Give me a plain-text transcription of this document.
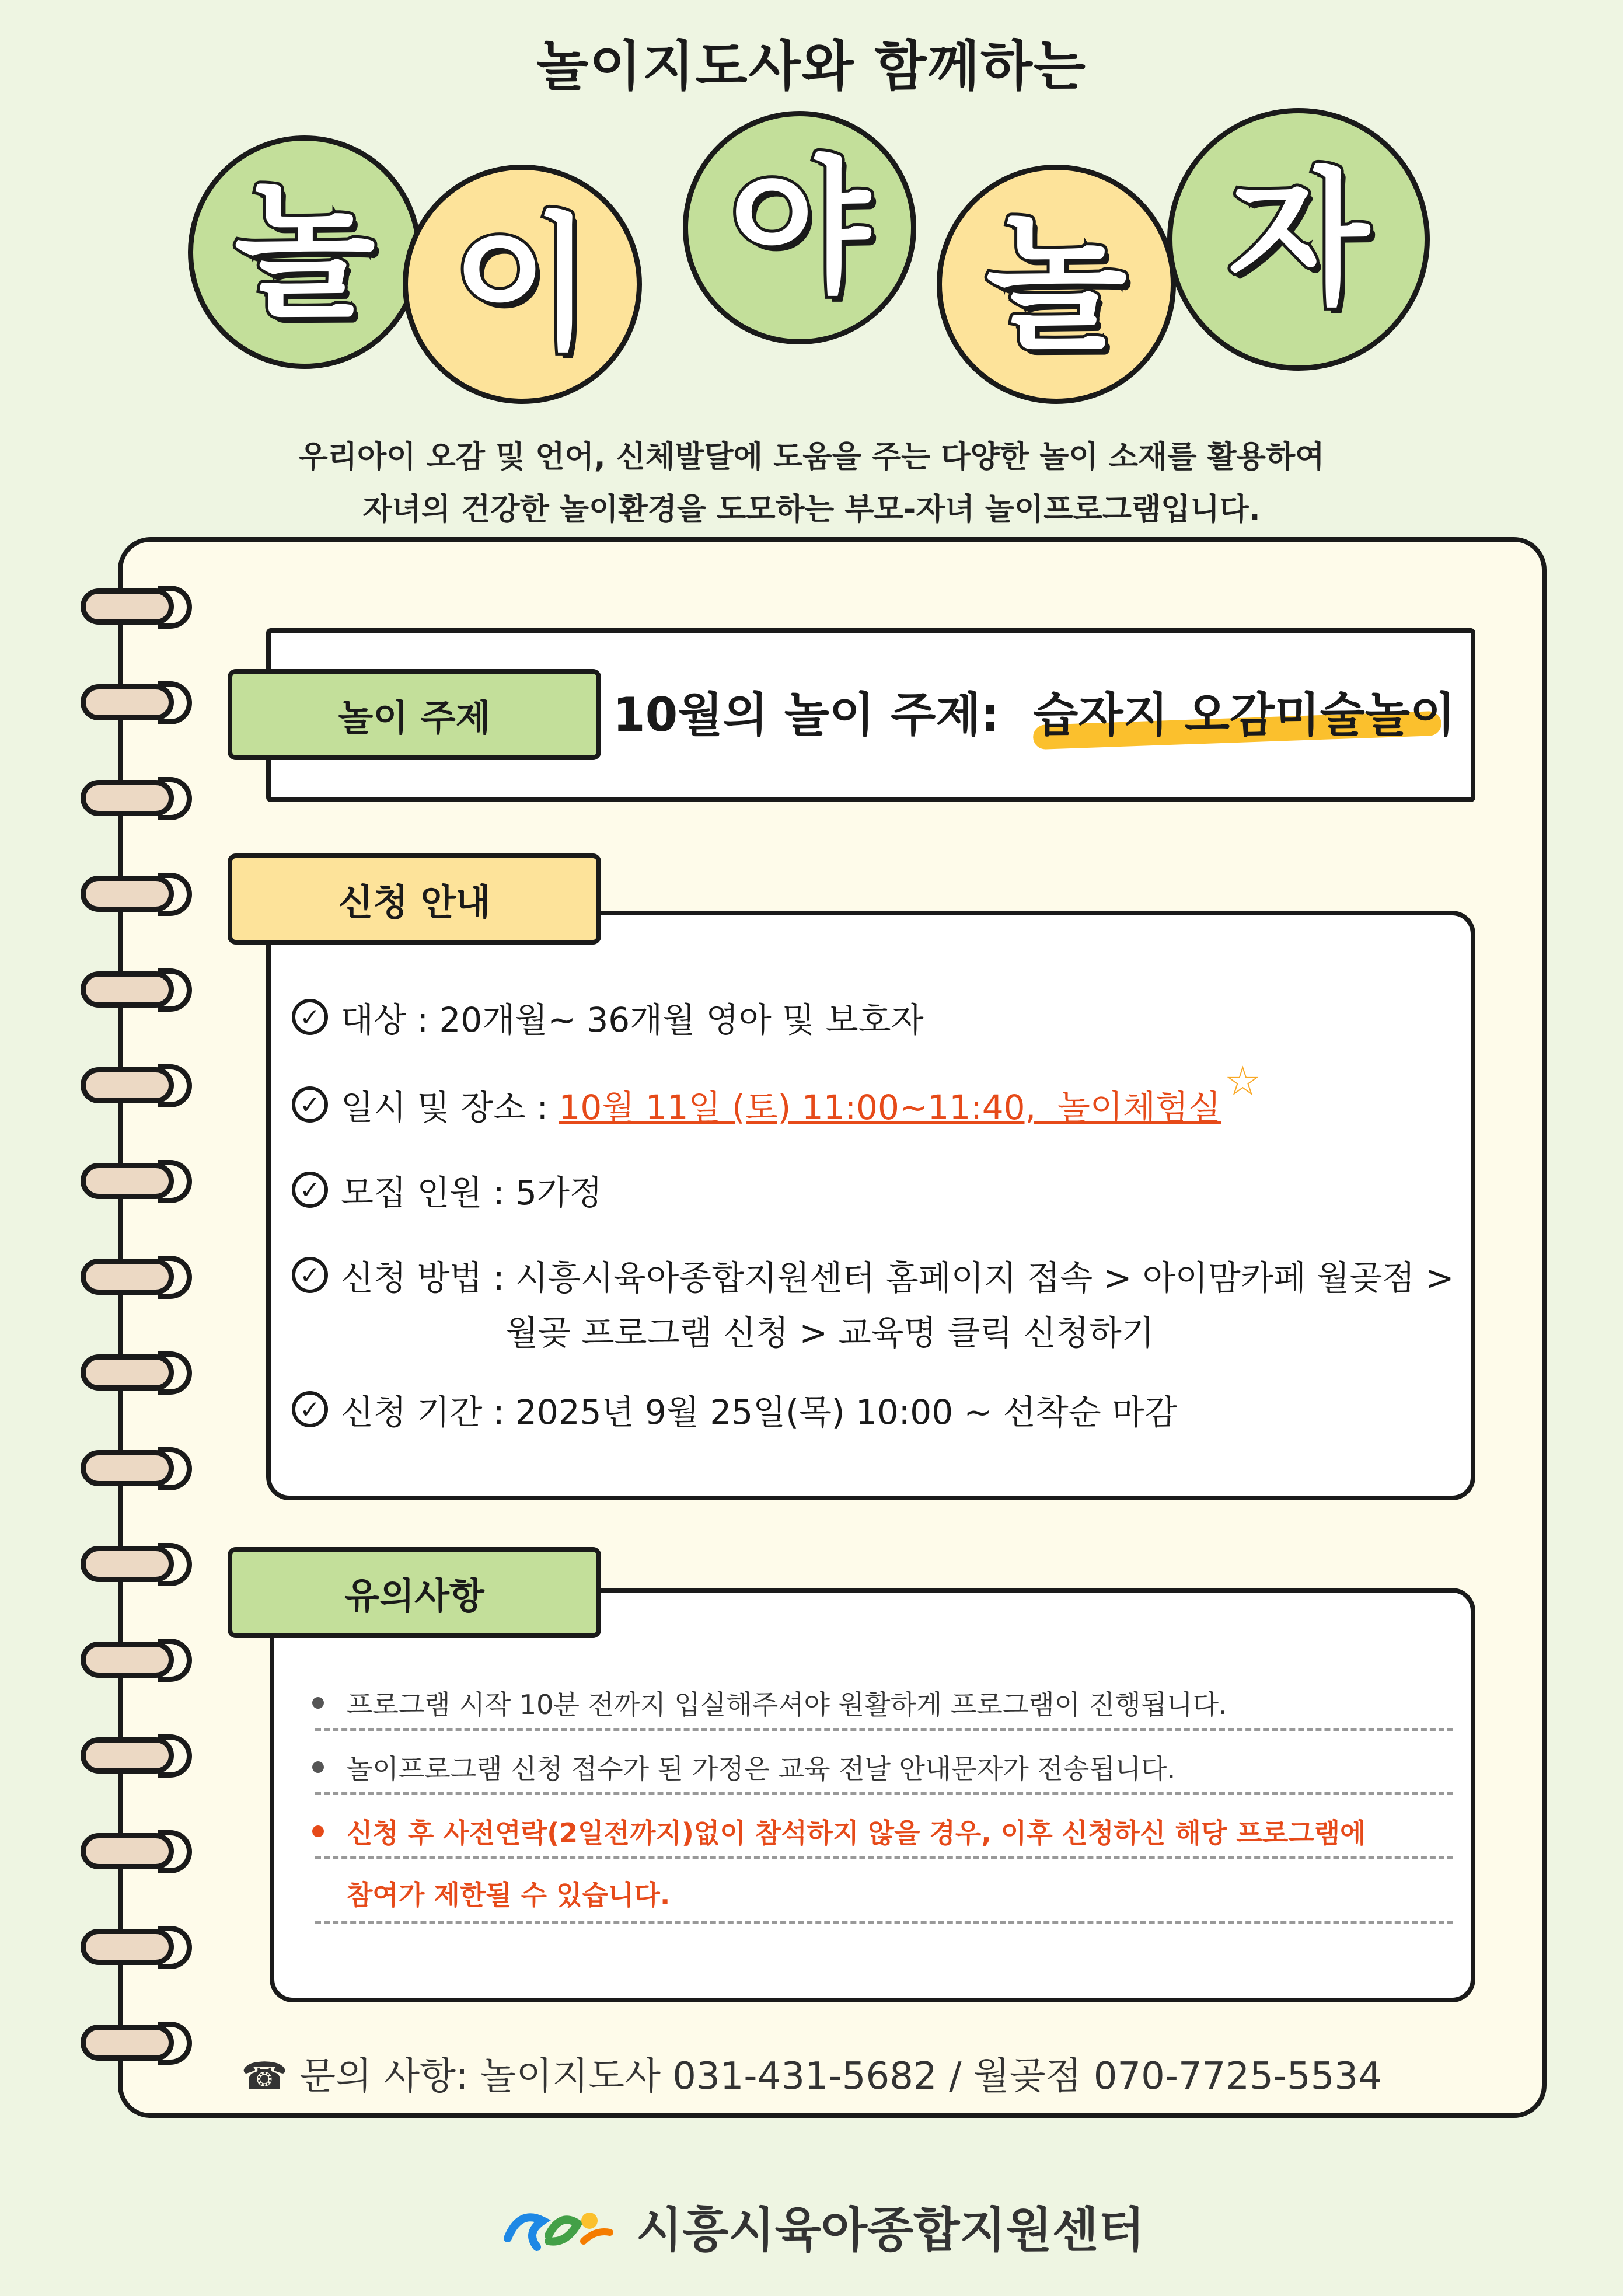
놀이지도사와 함께하는
놀 이 야 놀 자
우리아이 오감 및 언어, 신체발달에 도움을 주는 다양한 놀이 소재를 활용하여
자녀의 건강한 놀이환경을 도모하는 부모-자녀 놀이프로그램입니다.
놀이 주제	10월의 놀이 주제: 습자지 오감미술놀이
신청 안내
✓ 대상 : 20개월~ 36개월 영아 및 보호자
✓ 일시 및 장소 : 10월 11일 (토) 11:00~11:40,  놀이체험실
☆
✓ 모집 인원 : 5가정
✓ 신청 방법 : 시흥시육아종합지원센터 홈페이지 접속 > 아이맘카페 월곶점 >
월곶 프로그램 신청 > 교육명 클릭 신청하기
✓ 신청 기간 : 2025년 9월 25일(목) 10:00 ~ 선착순 마감
유의사항
프로그램 시작 10분 전까지 입실해주셔야 원활하게 프로그램이 진행됩니다.
놀이프로그램 신청 접수가 된 가정은 교육 전날 안내문자가 전송됩니다.
신청 후 사전연락(2일전까지)없이 참석하지 않을 경우, 이후 신청하신 해당 프로그램에
참여가 제한될 수 있습니다.
☎ 문의 사항: 놀이지도사 031-431-5682 / 월곶점 070-7725-5534
시흥시육아종합지원센터
